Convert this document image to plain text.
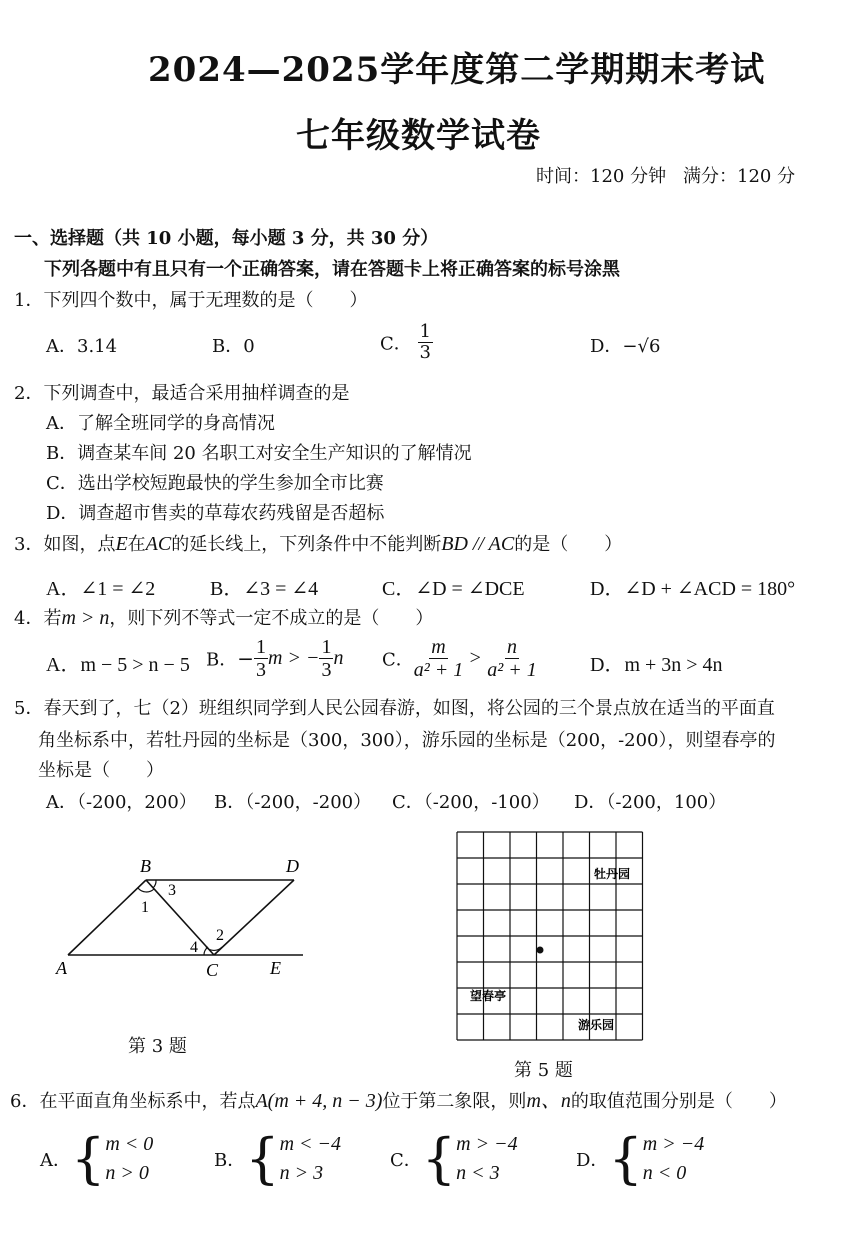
2024—2025学年度第二学期期末考试
七年级数学试卷
时间：120 分钟 满分：120 分
一、选择题（共 10 小题，每小题 3 分，共 30 分）
下列各题中有且只有一个正确答案，请在答题卡上将正确答案的标号涂黑
1．下列四个数中，属于无理数的是（　　）
A．3.14	B．0	C． $\frac{1}{3}$	D．−√6
2．下列调查中，最适合采用抽样调查的是
A．了解全班同学的身高情况
B．调查某车间 20 名职工对安全生产知识的了解情况
C．选出学校短跑最快的学生参加全市比赛
D．调查超市售卖的草莓农药残留是否超标
3．如图，点E在AC的延长线上，下列条件中不能判断BD // AC的是（　　）
A．∠1 = ∠2	B．∠3 = ∠4	C．∠D = ∠DCE	D．∠D + ∠ACD = 180°
4．若m > n，则下列不等式一定不成立的是（　　）
A．m − 5 > n − 5 B．− $\frac{1}{3}$ m > − $\frac{1}{3}$ n C． $\frac{m}{\text{a² + 1}} > \frac{n}{\text{a² + 1}}$	D．m + 3n > 4n
5．春天到了，七（2）班组织同学到人民公园春游，如图，将公园的三个景点放在适当的平面直
角坐标系中，若牡丹园的坐标是（300，300），游乐园的坐标是（200，-200），则望春亭的
坐标是（　　）
A．（-200，200） B．（-200，-200） C．（-200，-100） D．（-200，100）
B	D
A	C	E
1
3
2
4
第 3 题
牡丹园
望春亭
游乐园
第 5 题
6．在平面直角坐标系中，若点A(m + 4, n − 3)位于第二象限，则m、n的取值范围分别是（　　）
A．{ m < 0
n > 0
B．{ m < −4
n > 3
C．{ m > −4
n < 3
D．{ m > −4
n < 0
